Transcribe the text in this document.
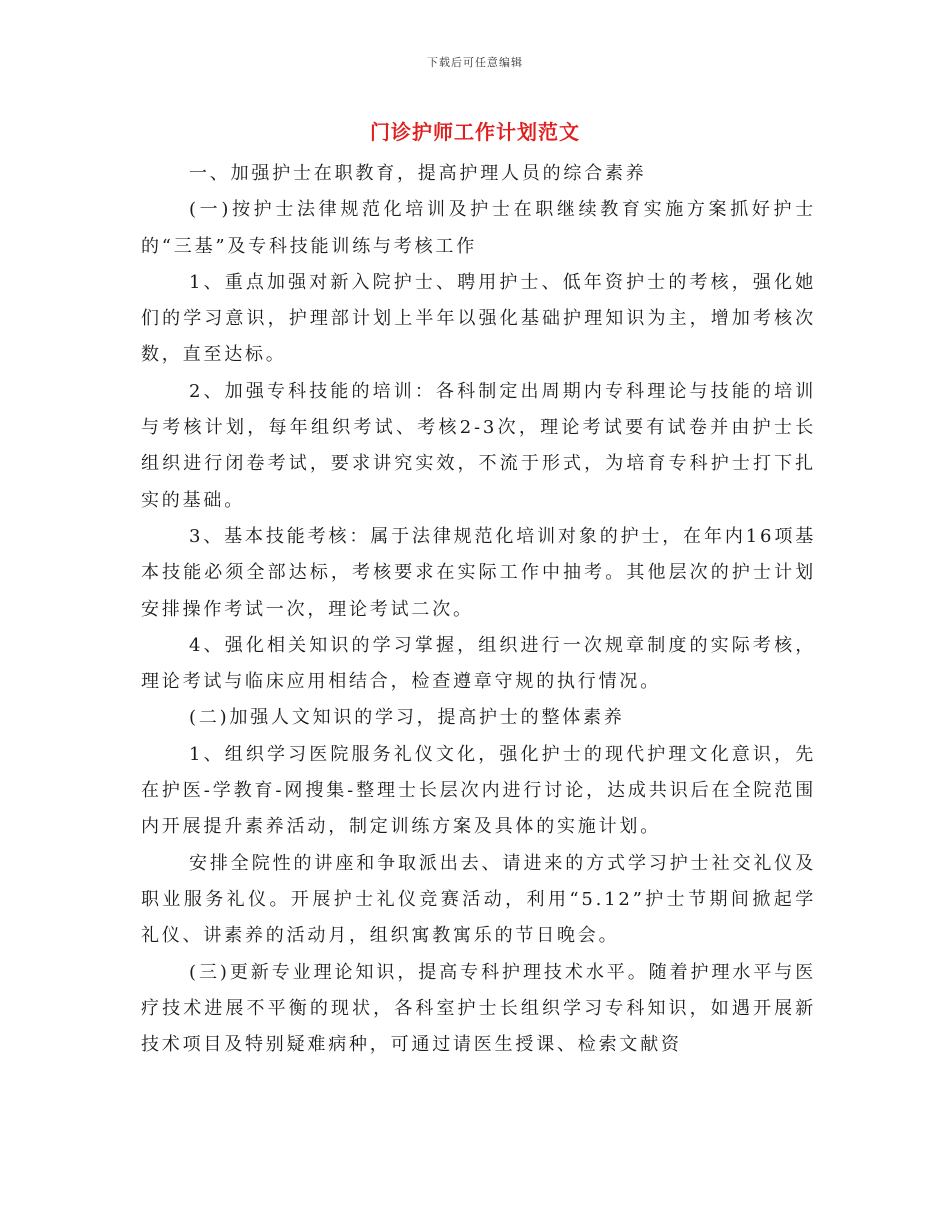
下载后可任意编辑
门诊护师工作计划范文

一、加强护士在职教育，提高护理人员的综合素养

(一)按护士法律规范化培训及护士在职继续教育实施方案抓好护士的“三基”及专科技能训练与考核工作

1、重点加强对新入院护士、聘用护士、低年资护士的考核，强化她们的学习意识，护理部计划上半年以强化基础护理知识为主，增加考核次数，直至达标。

2、加强专科技能的培训：各科制定出周期内专科理论与技能的培训与考核计划，每年组织考试、考核2-3次，理论考试要有试卷并由护士长组织进行闭卷考试，要求讲究实效，不流于形式，为培育专科护士打下扎实的基础。

3、基本技能考核：属于法律规范化培训对象的护士，在年内16项基本技能必须全部达标，考核要求在实际工作中抽考。其他层次的护士计划安排操作考试一次，理论考试二次。

4、强化相关知识的学习掌握，组织进行一次规章制度的实际考核，理论考试与临床应用相结合，检查遵章守规的执行情况。

(二)加强人文知识的学习，提高护士的整体素养

1、组织学习医院服务礼仪文化，强化护士的现代护理文化意识，先在护医-学教育-网搜集-整理士长层次内进行讨论，达成共识后在全院范围内开展提升素养活动，制定训练方案及具体的实施计划。

安排全院性的讲座和争取派出去、请进来的方式学习护士社交礼仪及职业服务礼仪。开展护士礼仪竞赛活动，利用“5.12”护士节期间掀起学礼仪、讲素养的活动月，组织寓教寓乐的节日晚会。

(三)更新专业理论知识，提高专科护理技术水平。随着护理水平与医疗技术进展不平衡的现状，各科室护士长组织学习专科知识，如遇开展新技术项目及特别疑难病种，可通过请医生授课、检索文献资
